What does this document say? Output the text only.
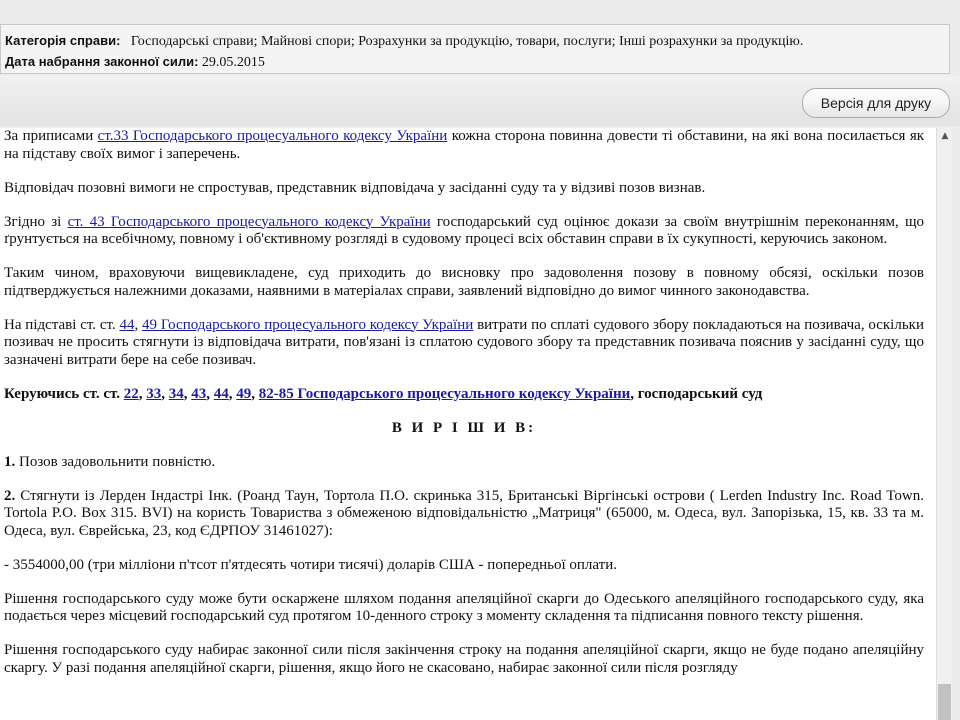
Категорія справи: Господарські справи; Майнові спори; Розрахунки за продукцію, товари, послуги; Інші розрахунки за продукцію.
Дата набрання законної сили: 29.05.2015
Версія для друку

За приписами ст.33 Господарського процесуального кодексу України кожна сторона повинна довести ті обставини, на які вона посилається як на підставу своїх вимог і заперечень.

Відповідач позовні вимоги не спростував, представник відповідача у засіданні суду та у відзиві позов визнав.

Згідно зі ст. 43 Господарського процесуального кодексу України господарський суд оцінює докази за своїм внутрішнім переконанням, що ґрунтується на всебічному, повному і об'єктивному розгляді в судовому процесі всіх обставин справи в їх сукупності, керуючись законом.

Таким чином, враховуючи вищевикладене, суд приходить до висновку про задоволення позову в повному обсязі, оскільки позов підтверджується належними доказами, наявними в матеріалах справи, заявлений відповідно до вимог чинного законодавства.

На підставі ст. ст. 44, 49 Господарського процесуального кодексу України витрати по сплаті судового збору покладаються на позивача, оскільки позивач не просить стягнути із відповідача витрати, пов'язані із сплатою судового збору та представник позивача пояснив у засіданні суду, що зазначені витрати бере на себе позивач.

Керуючись ст. ст. 22, 33, 34, 43, 44, 49, 82-85 Господарського процесуального кодексу України, господарський суд

В И Р І Ш И В:

1. Позов задовольнити повністю.

2. Стягнути із Лерден Індастрі Інк. (Роанд Таун, Тортола П.О. скринька 315, Британські Віргінські острови ( Lerden Industry Inc. Road Town. Tortola P.O. Box 315. BVI) на користь Товариства з обмеженою відповідальністю „Матриця" (65000, м. Одеса, вул. Запорізька, 15, кв. 33 та м. Одеса, вул. Єврейська, 23, код ЄДРПОУ 31461027):

- 3554000,00 (три мілліони п'тсот п'ятдесять чотири тисячі) доларів США - попередньої оплати.

Рішення господарського суду може бути оскаржене шляхом подання апеляційної скарги до Одеського апеляційного господарського суду, яка подається через місцевий господарський суд протягом 10-денного строку з моменту складення та підписання повного тексту рішення.

Рішення господарського суду набирає законної сили після закінчення строку на подання апеляційної скарги, якщо не буде подано апеляційну скаргу. У разі подання апеляційної скарги, рішення, якщо його не скасовано, набирає законної сили після розгляду

▲
